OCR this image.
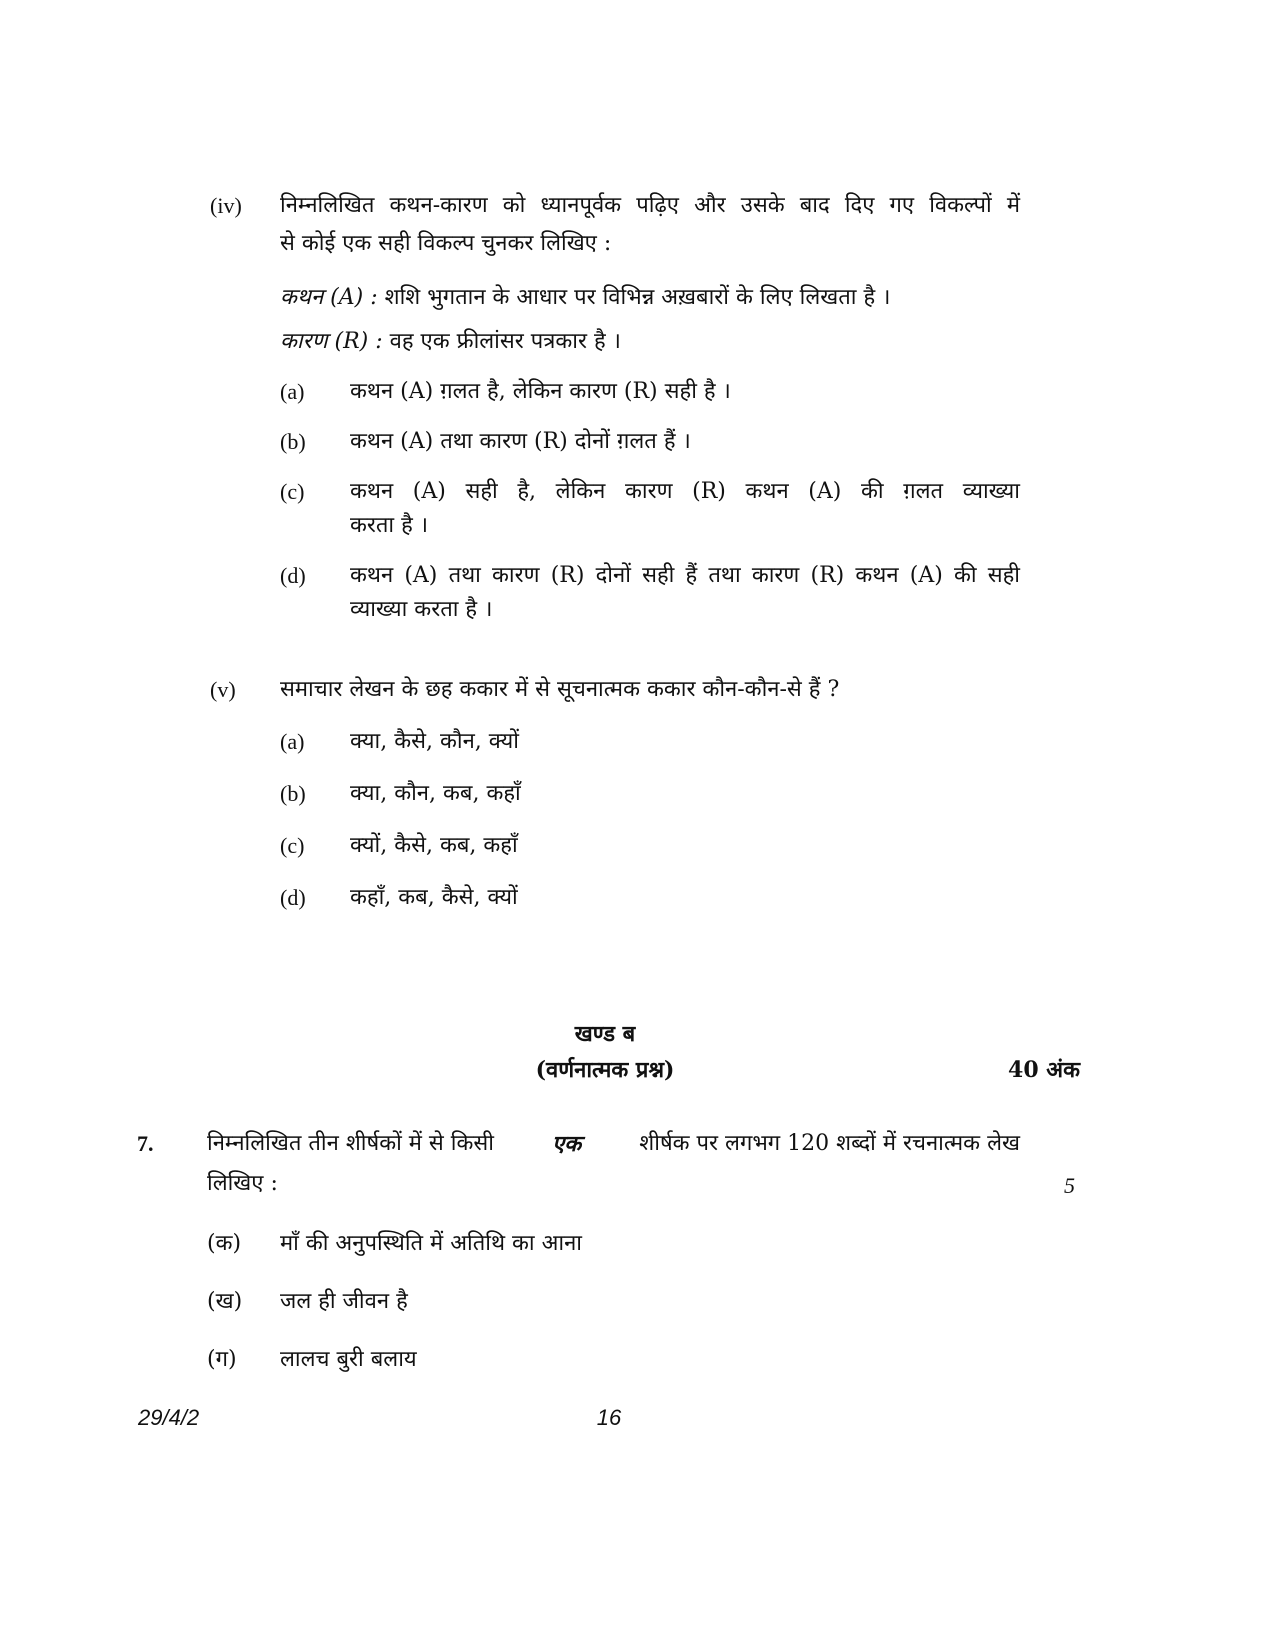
(iv) निम्नलिखित कथन-कारण को ध्यानपूर्वक पढ़िए और उसके बाद दिए गए विकल्पों में
से कोई एक सही विकल्प चुनकर लिखिए :
कथन (A) : शशि भुगतान के आधार पर विभिन्न अख़बारों के लिए लिखता है ।
कारण (R) : वह एक फ्रीलांसर पत्रकार है ।
(a) कथन (A) ग़लत है, लेकिन कारण (R) सही है ।
(b) कथन (A) तथा कारण (R) दोनों ग़लत हैं ।
(c) कथन (A) सही है, लेकिन कारण (R) कथन (A) की ग़लत व्याख्या
करता है ।
(d) कथन (A) तथा कारण (R) दोनों सही हैं तथा कारण (R) कथन (A) की सही
व्याख्या करता है ।
(v) समाचार लेखन के छह ककार में से सूचनात्मक ककार कौन-कौन-से हैं ?
(a) क्या, कैसे, कौन, क्यों
(b) क्या, कौन, कब, कहाँ
(c) क्यों, कैसे, कब, कहाँ
(d) कहाँ, कब, कैसे, क्यों
खण्ड ब
(वर्णनात्मक प्रश्न)	40 अंक
7. निम्नलिखित तीन शीर्षकों में से किसी	एक	शीर्षक पर लगभग 120 शब्दों में रचनात्मक लेख
लिखिए :	5
(क) माँ की अनुपस्थिति में अतिथि का आना
(ख) जल ही जीवन है
(ग) लालच बुरी बलाय
29/4/2	16
